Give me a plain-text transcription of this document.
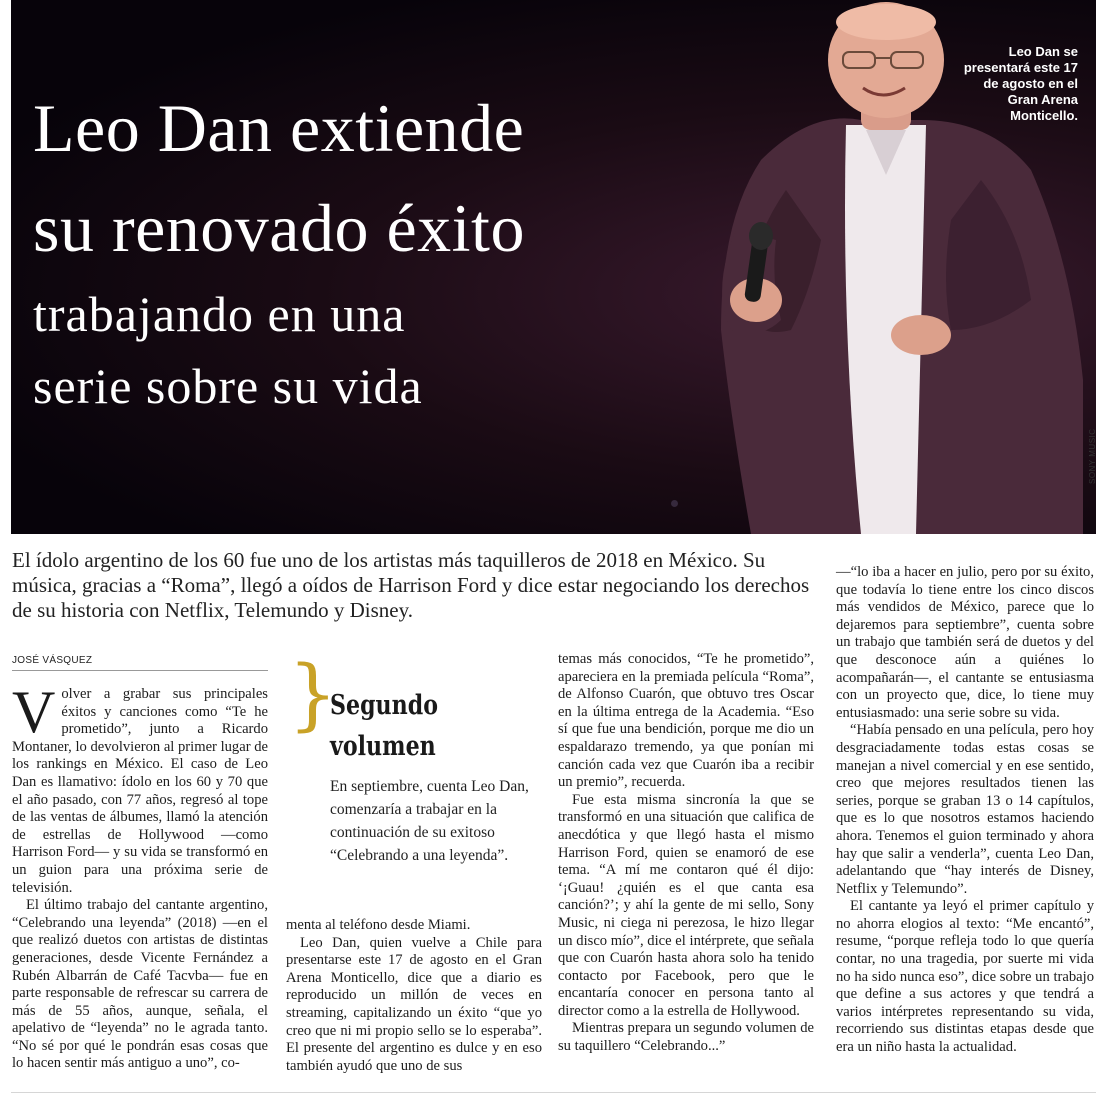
Leo Dan extiende
su renovado éxito
trabajando en una
serie sobre su vida
Leo Dan se presentará este 17 de agosto en el Gran Arena Monticello.
SONY MUSIC
El ídolo argentino de los 60 fue uno de los artistas más taquilleros de 2018 en México. Su música, gracias a “Roma”, llegó a oídos de Harrison Ford y dice estar negociando los derechos de su historia con Netflix, Telemundo y Disney.
JOSÉ VÁSQUEZ

Volver a grabar sus principales éxitos y canciones como “Te he prometido”, junto a Ricardo Montaner, lo devolvieron al primer lugar de los rankings en México. El caso de Leo Dan es llamativo: ídolo en los 60 y 70 que el año pasado, con 77 años, regresó al tope de las ventas de álbumes, llamó la atención de estrellas de Hollywood —como Harrison Ford— y su vida se transformó en un guion para una próxima serie de televisión.

El último trabajo del cantante argentino, “Celebrando una leyenda” (2018) —en el que realizó duetos con artistas de distintas generaciones, desde Vicente Fernández a Rubén Albarrán de Café Tacvba— fue en parte responsable de refrescar su carrera de más de 55 años, aunque, señala, el apelativo de “leyenda” no le agrada tanto. “No sé por qué le pondrán esas cosas que lo hacen sentir más antiguo a uno”, co-

}
Segundo volumen
En septiembre, cuenta Leo Dan, comenzaría a trabajar en la continuación de su exitoso “Celebrando a una leyenda”.

menta al teléfono desde Miami.

Leo Dan, quien vuelve a Chile para presentarse este 17 de agosto en el Gran Arena Monticello, dice que a diario es reproducido un millón de veces en streaming, capitalizando un éxito “que yo creo que ni mi propio sello se lo esperaba”. El presente del argentino es dulce y en eso también ayudó que uno de sus

temas más conocidos, “Te he prometido”, apareciera en la premiada película “Roma”, de Alfonso Cuarón, que obtuvo tres Oscar en la última entrega de la Academia. “Eso sí que fue una bendición, porque me dio un espaldarazo tremendo, ya que ponían mi canción cada vez que Cuarón iba a recibir un premio”, recuerda.

Fue esta misma sincronía la que se transformó en una situación que califica de anecdótica y que llegó hasta el mismo Harrison Ford, quien se enamoró de ese tema. “A mí me contaron qué él dijo: ‘¡Guau! ¿quién es el que canta esa canción?’; y ahí la gente de mi sello, Sony Music, ni ciega ni perezosa, le hizo llegar un disco mío”, dice el intérprete, que señala que con Cuarón hasta ahora solo ha tenido contacto por Facebook, pero que le encantaría conocer en persona tanto al director como a la estrella de Hollywood.

Mientras prepara un segundo volumen de su taquillero “Celebrando...”

—“lo iba a hacer en julio, pero por su éxito, que todavía lo tiene entre los cinco discos más vendidos de México, parece que lo dejaremos para septiembre”, cuenta sobre un trabajo que también será de duetos y del que desconoce aún a quiénes lo acompañarán—, el cantante se entusiasma con un proyecto que, dice, lo tiene muy entusiasmado: una serie sobre su vida.

“Había pensado en una película, pero hoy desgraciadamente todas estas cosas se manejan a nivel comercial y en ese sentido, creo que mejores resultados tienen las series, porque se graban 13 o 14 capítulos, que es lo que nosotros estamos haciendo ahora. Tenemos el guion terminado y ahora hay que salir a venderla”, cuenta Leo Dan, adelantando que “hay interés de Disney, Netflix y Telemundo”.

El cantante ya leyó el primer capítulo y no ahorra elogios al texto: “Me encantó”, resume, “porque refleja todo lo que quería contar, no una tragedia, por suerte mi vida no ha sido nunca eso”, dice sobre un trabajo que define a sus actores y que tendrá a varios intérpretes representando su vida, recorriendo sus distintas etapas desde que era un niño hasta la actualidad.
